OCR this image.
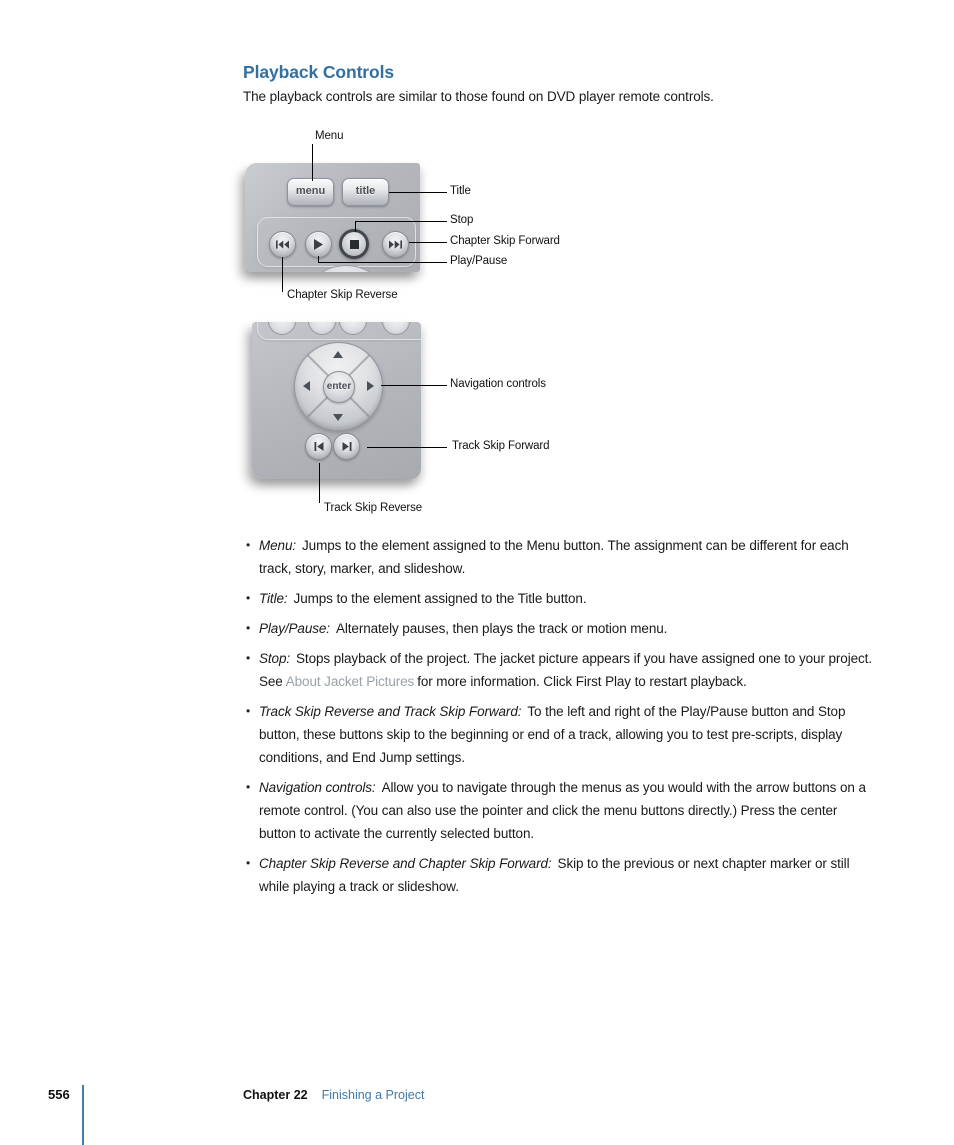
Playback Controls

The playback controls are similar to those found on DVD player remote controls.

Menu
menu	title	Title
Stop
Chapter Skip Forward
Play/Pause
Chapter Skip Reverse
enter	Navigation controls
Track Skip Forward
Track Skip Reverse
• Menu: Jumps to the element assigned to the Menu button. The assignment can be different for each track, story, marker, and slideshow.
• Title: Jumps to the element assigned to the Title button.
• Play/Pause: Alternately pauses, then plays the track or motion menu.
• Stop: Stops playback of the project. The jacket picture appears if you have assigned one to your project. See About Jacket Pictures for more information. Click First Play to restart playback.
• Track Skip Reverse and Track Skip Forward: To the left and right of the Play/Pause button and Stop button, these buttons skip to the beginning or end of a track, allowing you to test pre-scripts, display conditions, and End Jump settings.
• Navigation controls: Allow you to navigate through the menus as you would with the arrow buttons on a remote control. (You can also use the pointer and click the menu buttons directly.) Press the center button to activate the currently selected button.
• Chapter Skip Reverse and Chapter Skip Forward: Skip to the previous or next chapter marker or still while playing a track or slideshow.
556	Chapter 22 Finishing a Project
